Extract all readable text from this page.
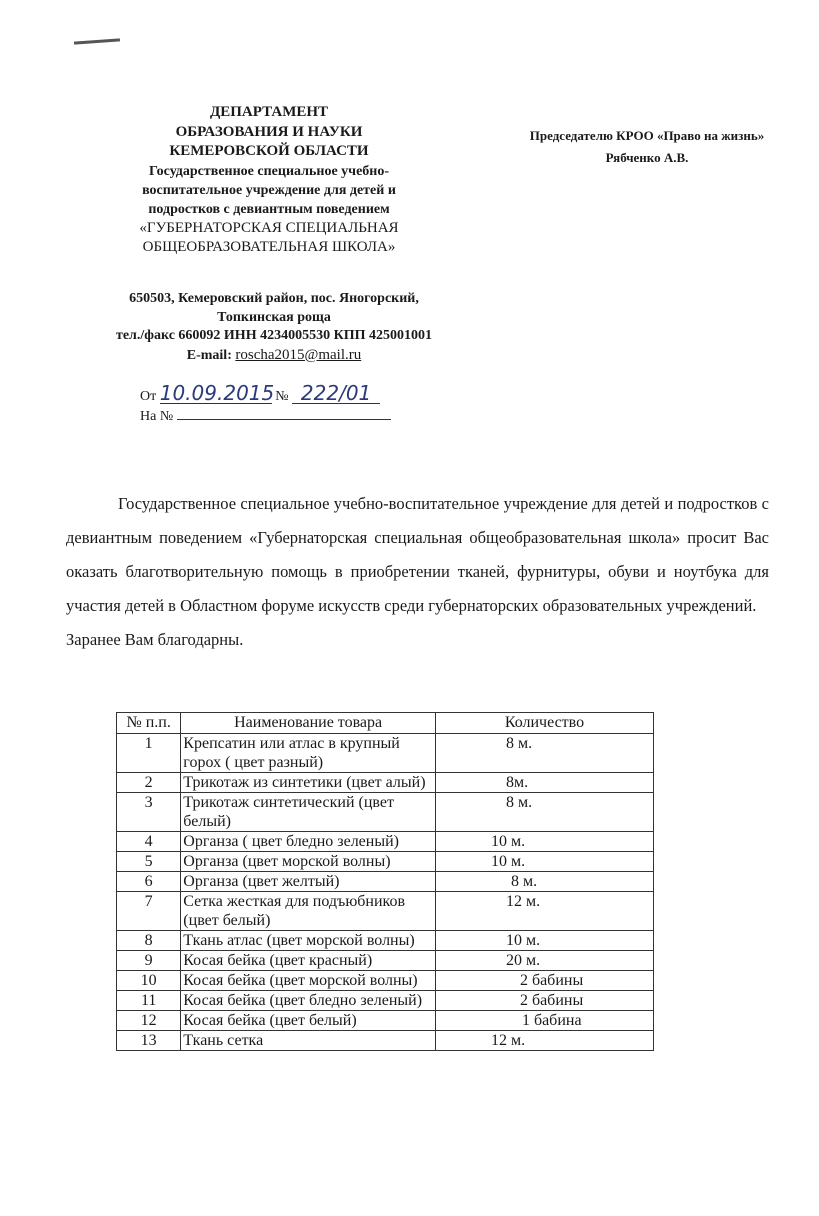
ДЕПАРТАМЕНТ
ОБРАЗОВАНИЯ И НАУКИ
КЕМЕРОВСКОЙ ОБЛАСТИ
Государственное специальное учебно-
воспитательное учреждение для детей и
подростков с девиантным поведением
«ГУБЕРНАТОРСКАЯ СПЕЦИАЛЬНАЯ
ОБЩЕОБРАЗОВАТЕЛЬНАЯ ШКОЛА»
650503, Кемеровский район, пос. Яногорский,
Топкинская роща
тел./факс 660092 ИНН 4234005530 КПП 425001001
E-mail: roscha2015@mail.ru
Председателю КРОО «Право на жизнь»
Рябченко А.В.
От 10.09.2015 № 222/01
На №

Государственное специальное учебно-воспитательное учреждение для детей и подростков с девиантным поведением «Губернаторская специальная общеобразовательная школа» просит Вас оказать благотворительную помощь в приобретении тканей, фурнитуры, обуви и ноутбука для участия детей в Областном форуме искусств среди губернаторских образовательных учреждений.

Заранее Вам благодарны.
№ п.п.	Наименование товара	Количество
1	Крепсатин или атлас в крупный горох ( цвет разный)	8 м.
2	Трикотаж из синтетики (цвет алый)	8м.
3	Трикотаж синтетический (цвет белый)	8 м.
4	Органза ( цвет бледно зеленый)	10 м.
5	Органза (цвет морской волны)	10 м.
6	Органза (цвет желтый)	8 м.
7	Сетка жесткая для подъюбников (цвет белый)	12 м.
8	Ткань атлас (цвет морской волны)	10 м.
9	Косая бейка (цвет красный)	20 м.
10	Косая бейка (цвет морской волны)	2 бабины
11	Косая бейка (цвет бледно зеленый)	2 бабины
12	Косая бейка (цвет белый)	1 бабина
13	Ткань сетка	12 м.
